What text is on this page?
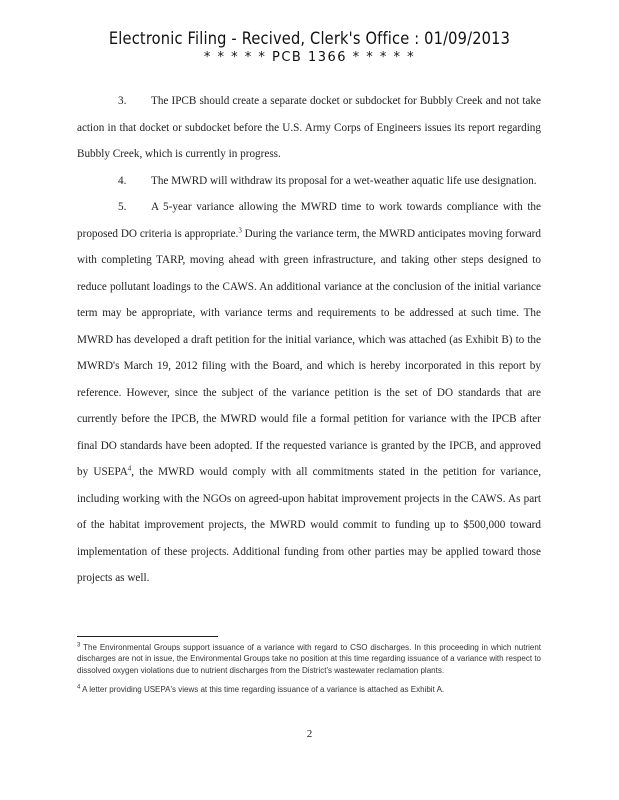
Electronic Filing - Recived, Clerk's Office : 01/09/2013
* * * * * PCB 1366 * * * * *

3. The IPCB should create a separate docket or subdocket for Bubbly Creek and not take action in that docket or subdocket before the U.S. Army Corps of Engineers issues its report regarding Bubbly Creek, which is currently in progress.

4. The MWRD will withdraw its proposal for a wet-weather aquatic life use designation.

5. A 5-year variance allowing the MWRD time to work towards compliance with the proposed DO criteria is appropriate.$^3$ During the variance term, the MWRD anticipates moving forward with completing TARP, moving ahead with green infrastructure, and taking other steps designed to reduce pollutant loadings to the CAWS. An additional variance at the conclusion of the initial variance term may be appropriate, with variance terms and requirements to be addressed at such time. The MWRD has developed a draft petition for the initial variance, which was attached (as Exhibit B) to the MWRD's March 19, 2012 filing with the Board, and which is hereby incorporated in this report by reference. However, since the subject of the variance petition is the set of DO standards that are currently before the IPCB, the MWRD would file a formal petition for variance with the IPCB after final DO standards have been adopted. If the requested variance is granted by the IPCB, and approved by USEPA$^4$, the MWRD would comply with all commitments stated in the petition for variance, including working with the NGOs on agreed-upon habitat improvement projects in the CAWS. As part of the habitat improvement projects, the MWRD would commit to funding up to $500,000 toward implementation of these projects. Additional funding from other parties may be applied toward those projects as well.

$^3$ The Environmental Groups support issuance of a variance with regard to CSO discharges. In this proceeding in which nutrient discharges are not in issue, the Environmental Groups take no position at this time regarding issuance of a variance with respect to dissolved oxygen violations due to nutrient discharges from the District's wastewater reclamation plants.

$^4$ A letter providing USEPA's views at this time regarding issuance of a variance is attached as Exhibit A.

2
